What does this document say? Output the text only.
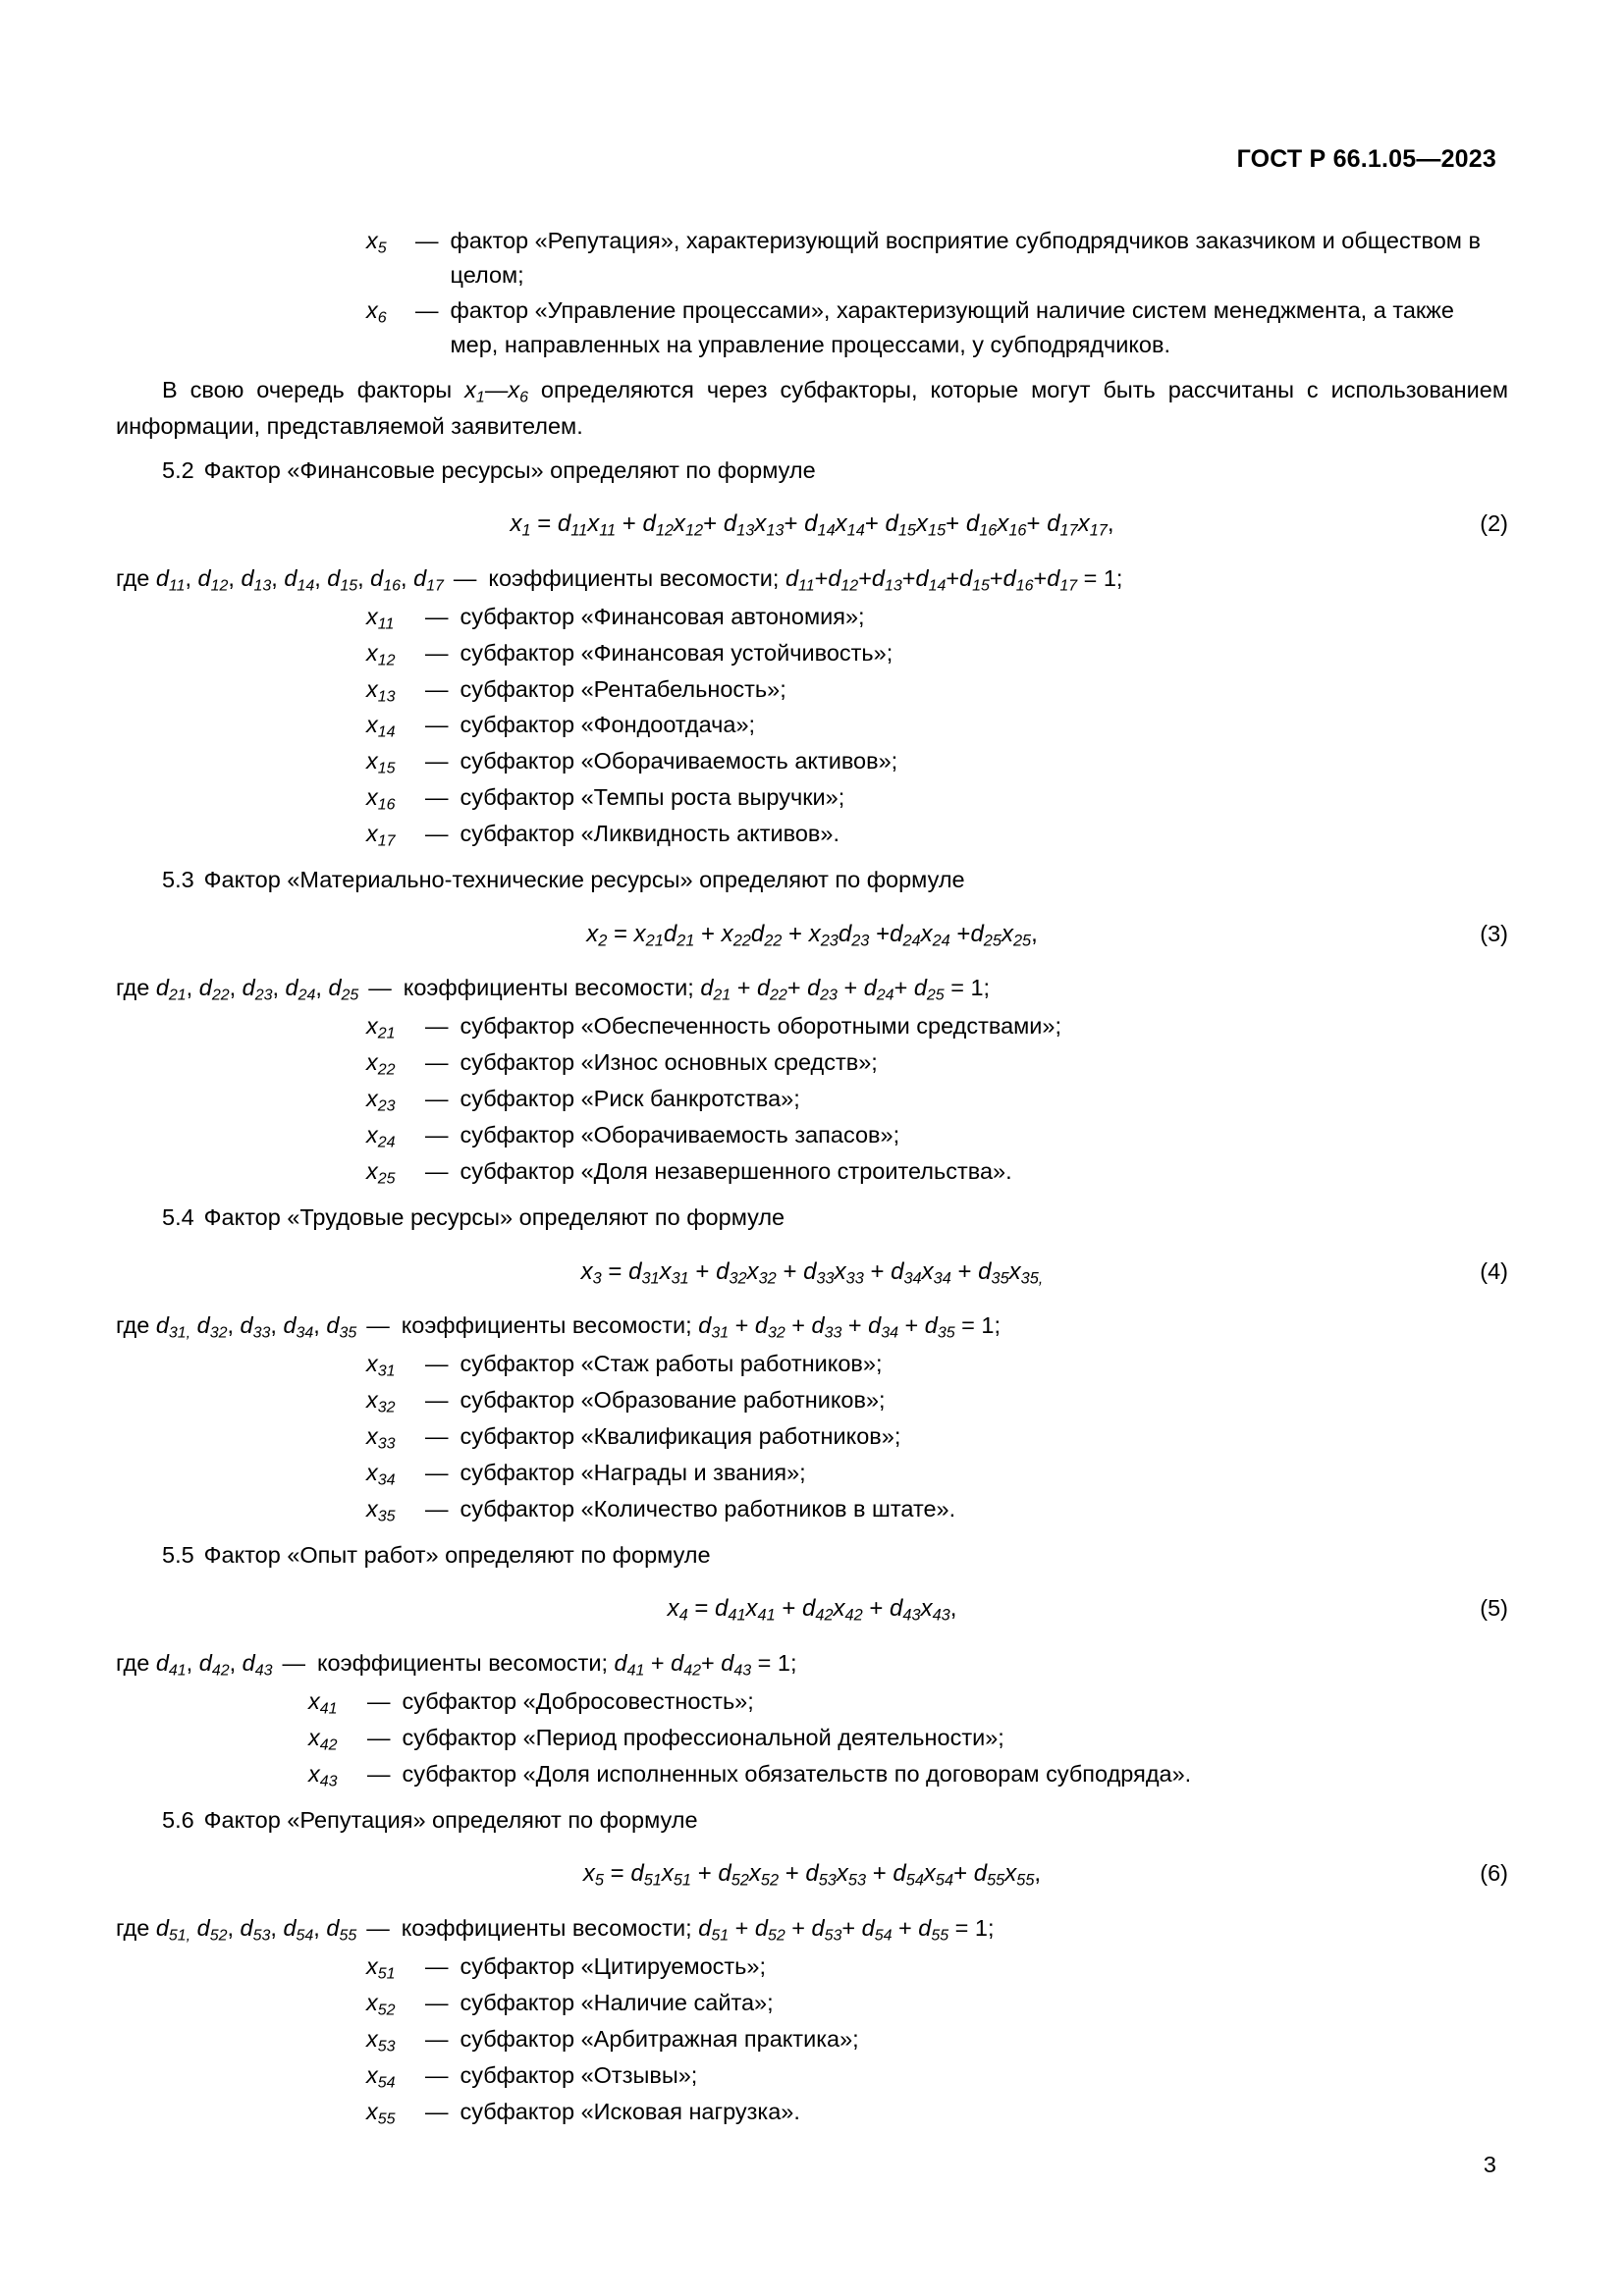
ГОСТ Р 66.1.05—2023
$x_5$	— фактор «Репутация», характеризующий восприятие субподрядчиков заказчиком и обществом в целом;
$x_6$	— фактор «Управление процессами», характеризующий наличие систем менеджмента, а также мер, направленных на управление процессами, у субподрядчиков.
В свою очередь факторы $x_1—x_6$ определяются через субфакторы, которые могут быть рассчитаны с использованием информации, представляемой заявителем.
5.2 Фактор «Финансовые ресурсы» определяют по формуле
$x_1 = d_{11}x_{11} + d_{12}x_{12}+ d_{13}x_{13}+ d_{14}x_{14}+ d_{15}x_{15}+ d_{16}x_{16}+ d_{17}x_{17}$,	(2)
где $d_{11}$, $d_{12}$, $d_{13}$, $d_{14}$, $d_{15}$, $d_{16}$, $d_{17}$ — коэффициенты весомости; $d_{11}+d_{12}+d_{13}+d_{14}+d_{15}+d_{16}+d_{17} = 1$;
$x_{11}$	— субфактор «Финансовая автономия»;
$x_{12}$	— субфактор «Финансовая устойчивость»;
$x_{13}$	— субфактор «Рентабельность»;
$x_{14}$	— субфактор «Фондоотдача»;
$x_{15}$	— субфактор «Оборачиваемость активов»;
$x_{16}$	— субфактор «Темпы роста выручки»;
$x_{17}$	— субфактор «Ликвидность активов».
5.3 Фактор «Материально-технические ресурсы» определяют по формуле
$x_2 = x_{21}d_{21} + x_{22}d_{22} + x_{23}d_{23} +d_{24}x_{24} +d_{25}x_{25}$,	(3)
где $d_{21}$, $d_{22}$, $d_{23}$, $d_{24}$, $d_{25}$ — коэффициенты весомости; $d_{21} + d_{22}+ d_{23} + d_{24}+ d_{25} = 1$;
$x_{21}$	— субфактор «Обеспеченность оборотными средствами»;
$x_{22}$	— субфактор «Износ основных средств»;
$x_{23}$	— субфактор «Риск банкротства»;
$x_{24}$	— субфактор «Оборачиваемость запасов»;
$x_{25}$	— субфактор «Доля незавершенного строительства».
5.4 Фактор «Трудовые ресурсы» определяют по формуле
$x_3 = d_{31}x_{31} + d_{32}x_{32} + d_{33}x_{33} + d_{34}x_{34} + d_{35}x_{35,}$	(4)
где $d_{31,}$ $d_{32}$, $d_{33}$, $d_{34}$, $d_{35}$ — коэффициенты весомости; $d_{31} + d_{32} + d_{33} + d_{34} + d_{35} = 1$;
$x_{31}$	— субфактор «Стаж работы работников»;
$x_{32}$	— субфактор «Образование работников»;
$x_{33}$	— субфактор «Квалификация работников»;
$x_{34}$	— субфактор «Награды и звания»;
$x_{35}$	— субфактор «Количество работников в штате».
5.5 Фактор «Опыт работ» определяют по формуле
$x_4 = d_{41}x_{41} + d_{42}x_{42} + d_{43}x_{43}$,	(5)
где $d_{41}$, $d_{42}$, $d_{43}$ — коэффициенты весомости; $d_{41} + d_{42}+ d_{43} = 1$;
$x_{41}$	— субфактор «Добросовестность»;
$x_{42}$	— субфактор «Период профессиональной деятельности»;
$x_{43}$	— субфактор «Доля исполненных обязательств по договорам субподряда».
5.6 Фактор «Репутация» определяют по формуле
$x_5 = d_{51}x_{51} + d_{52}x_{52} + d_{53}x_{53} + d_{54}x_{54}+ d_{55}x_{55}$,	(6)
где $d_{51,}$ $d_{52}$, $d_{53}$, $d_{54}$, $d_{55}$ — коэффициенты весомости; $d_{51} + d_{52} + d_{53}+ d_{54} + d_{55} = 1$;
$x_{51}$	— субфактор «Цитируемость»;
$x_{52}$	— субфактор «Наличие сайта»;
$x_{53}$	— субфактор «Арбитражная практика»;
$x_{54}$	— субфактор «Отзывы»;
$x_{55}$	— субфактор «Исковая нагрузка».
3
